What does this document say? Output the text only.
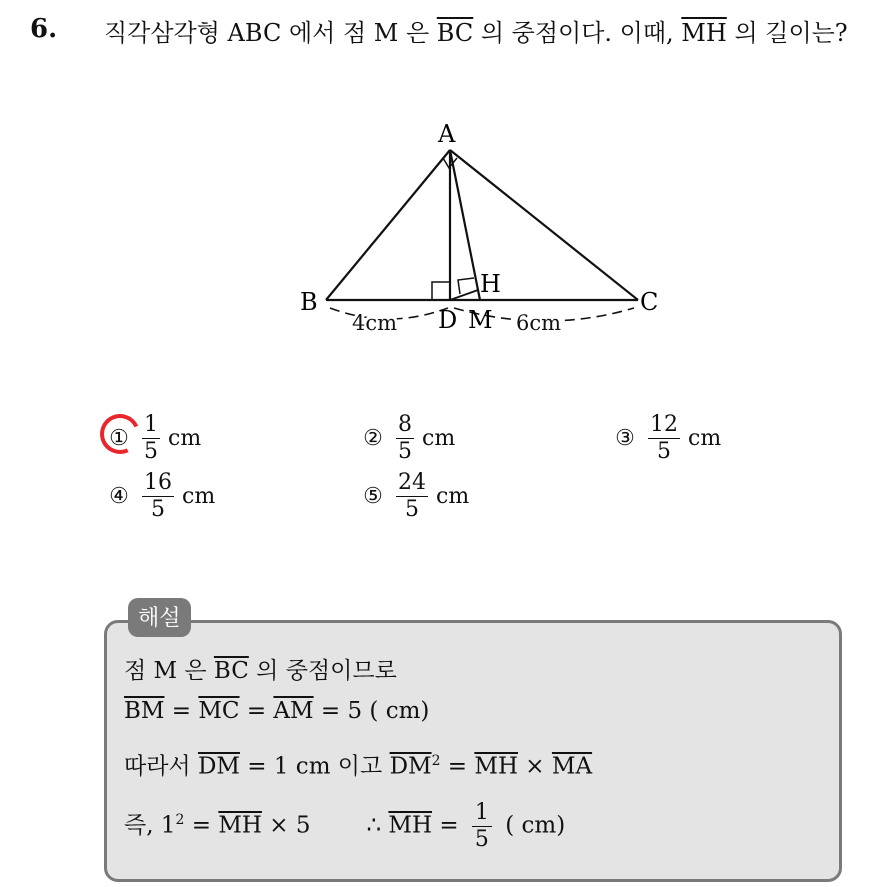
6. 직각삼각형 ABC 에서 점 M 은 $\overline{BC}$ 의 중점이다. 이때, $\overline{MH}$ 의 길이는?
A
B	C
D M
H
4cm	6cm
① $\frac{1}{5}$ cm	② $\frac{8}{5}$ cm	③ $\frac{12}{5}$ cm
④ $\frac{16}{5}$ cm	⑤ $\frac{24}{5}$ cm
해설
점 M 은 $\overline{BC}$ 의 중점이므로
$\overline{BM} = \overline{MC} = \overline{AM} = 5$ ( cm)
따라서 $\overline{DM} = 1$ cm 이고 $\overline{DM}^2 = \overline{MH} \times \overline{MA}$
즉, $1^2 = \overline{MH} \times 5$ ∴ $\overline{MH} = \frac{1}{5}$ ( cm)
